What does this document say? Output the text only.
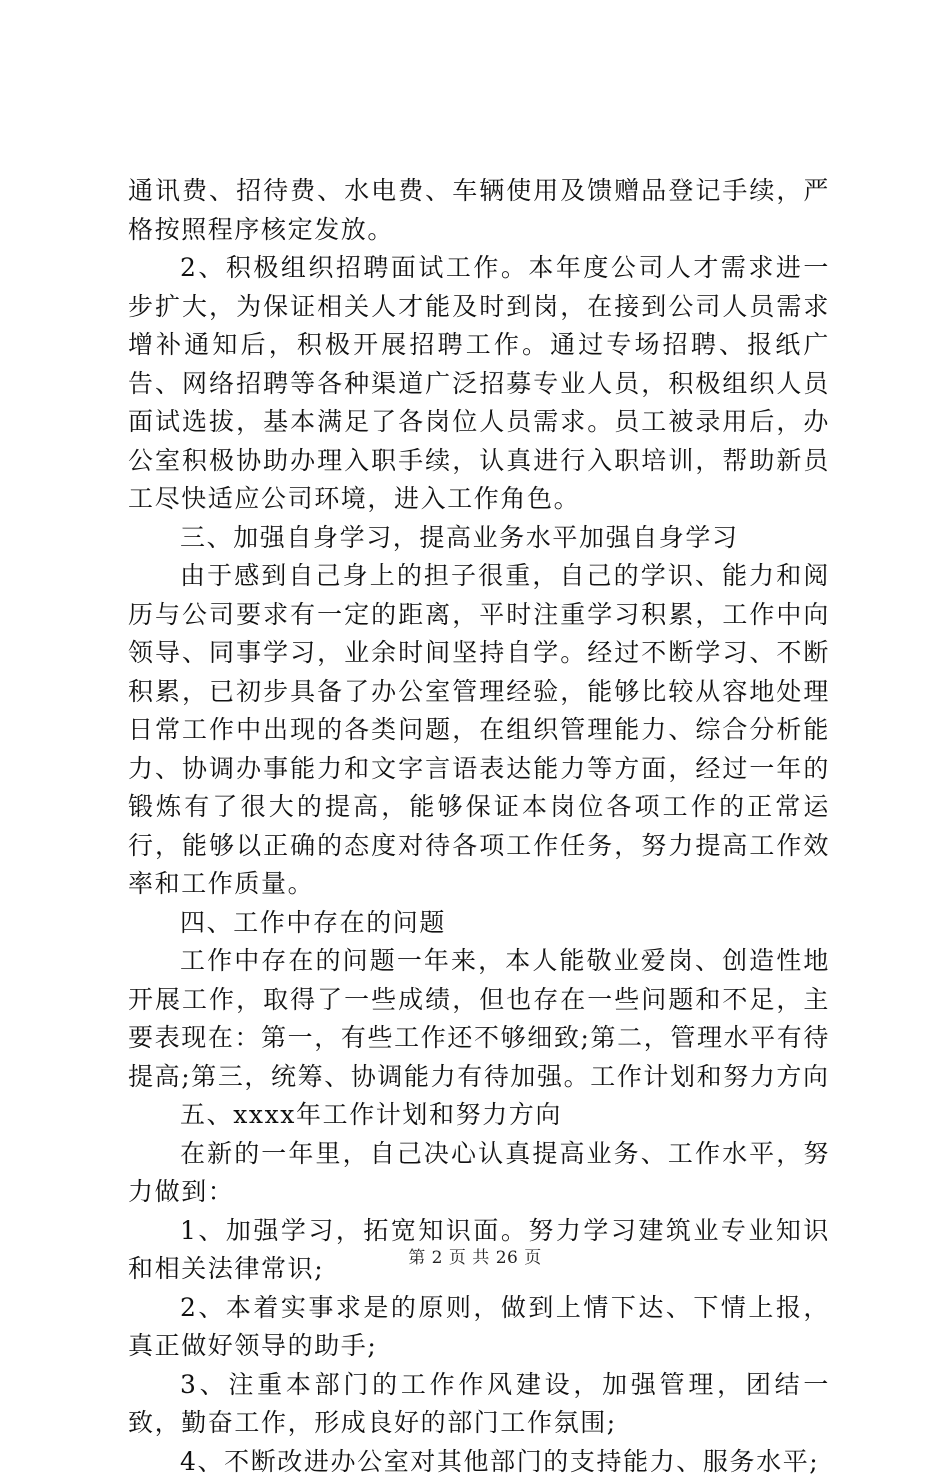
通讯费、招待费、水电费、车辆使用及馈赠品登记手续，严格按照程序核定发放。

2、积极组织招聘面试工作。本年度公司人才需求进一步扩大，为保证相关人才能及时到岗，在接到公司人员需求增补通知后，积极开展招聘工作。通过专场招聘、报纸广告、网络招聘等各种渠道广泛招募专业人员，积极组织人员面试选拔，基本满足了各岗位人员需求。员工被录用后，办公室积极协助办理入职手续，认真进行入职培训，帮助新员工尽快适应公司环境，进入工作角色。

三、加强自身学习，提高业务水平加强自身学习

由于感到自己身上的担子很重，自己的学识、能力和阅历与公司要求有一定的距离，平时注重学习积累，工作中向领导、同事学习，业余时间坚持自学。经过不断学习、不断积累，已初步具备了办公室管理经验，能够比较从容地处理日常工作中出现的各类问题，在组织管理能力、综合分析能力、协调办事能力和文字言语表达能力等方面，经过一年的锻炼有了很大的提高，能够保证本岗位各项工作的正常运行，能够以正确的态度对待各项工作任务，努力提高工作效率和工作质量。

四、工作中存在的问题

工作中存在的问题一年来，本人能敬业爱岗、创造性地开展工作，取得了一些成绩，但也存在一些问题和不足，主要表现在：第一，有些工作还不够细致;第二，管理水平有待提高;第三，统筹、协调能力有待加强。工作计划和努力方向

五、xxxx年工作计划和努力方向

在新的一年里，自己决心认真提高业务、工作水平，努力做到：

1、加强学习，拓宽知识面。努力学习建筑业专业知识和相关法律常识;

2、本着实事求是的原则，做到上情下达、下情上报，真正做好领导的助手;

3、注重本部门的工作作风建设，加强管理，团结一致，勤奋工作，形成良好的部门工作氛围;

4、不断改进办公室对其他部门的支持能力、服务水平;

第 2 页 共 26 页
